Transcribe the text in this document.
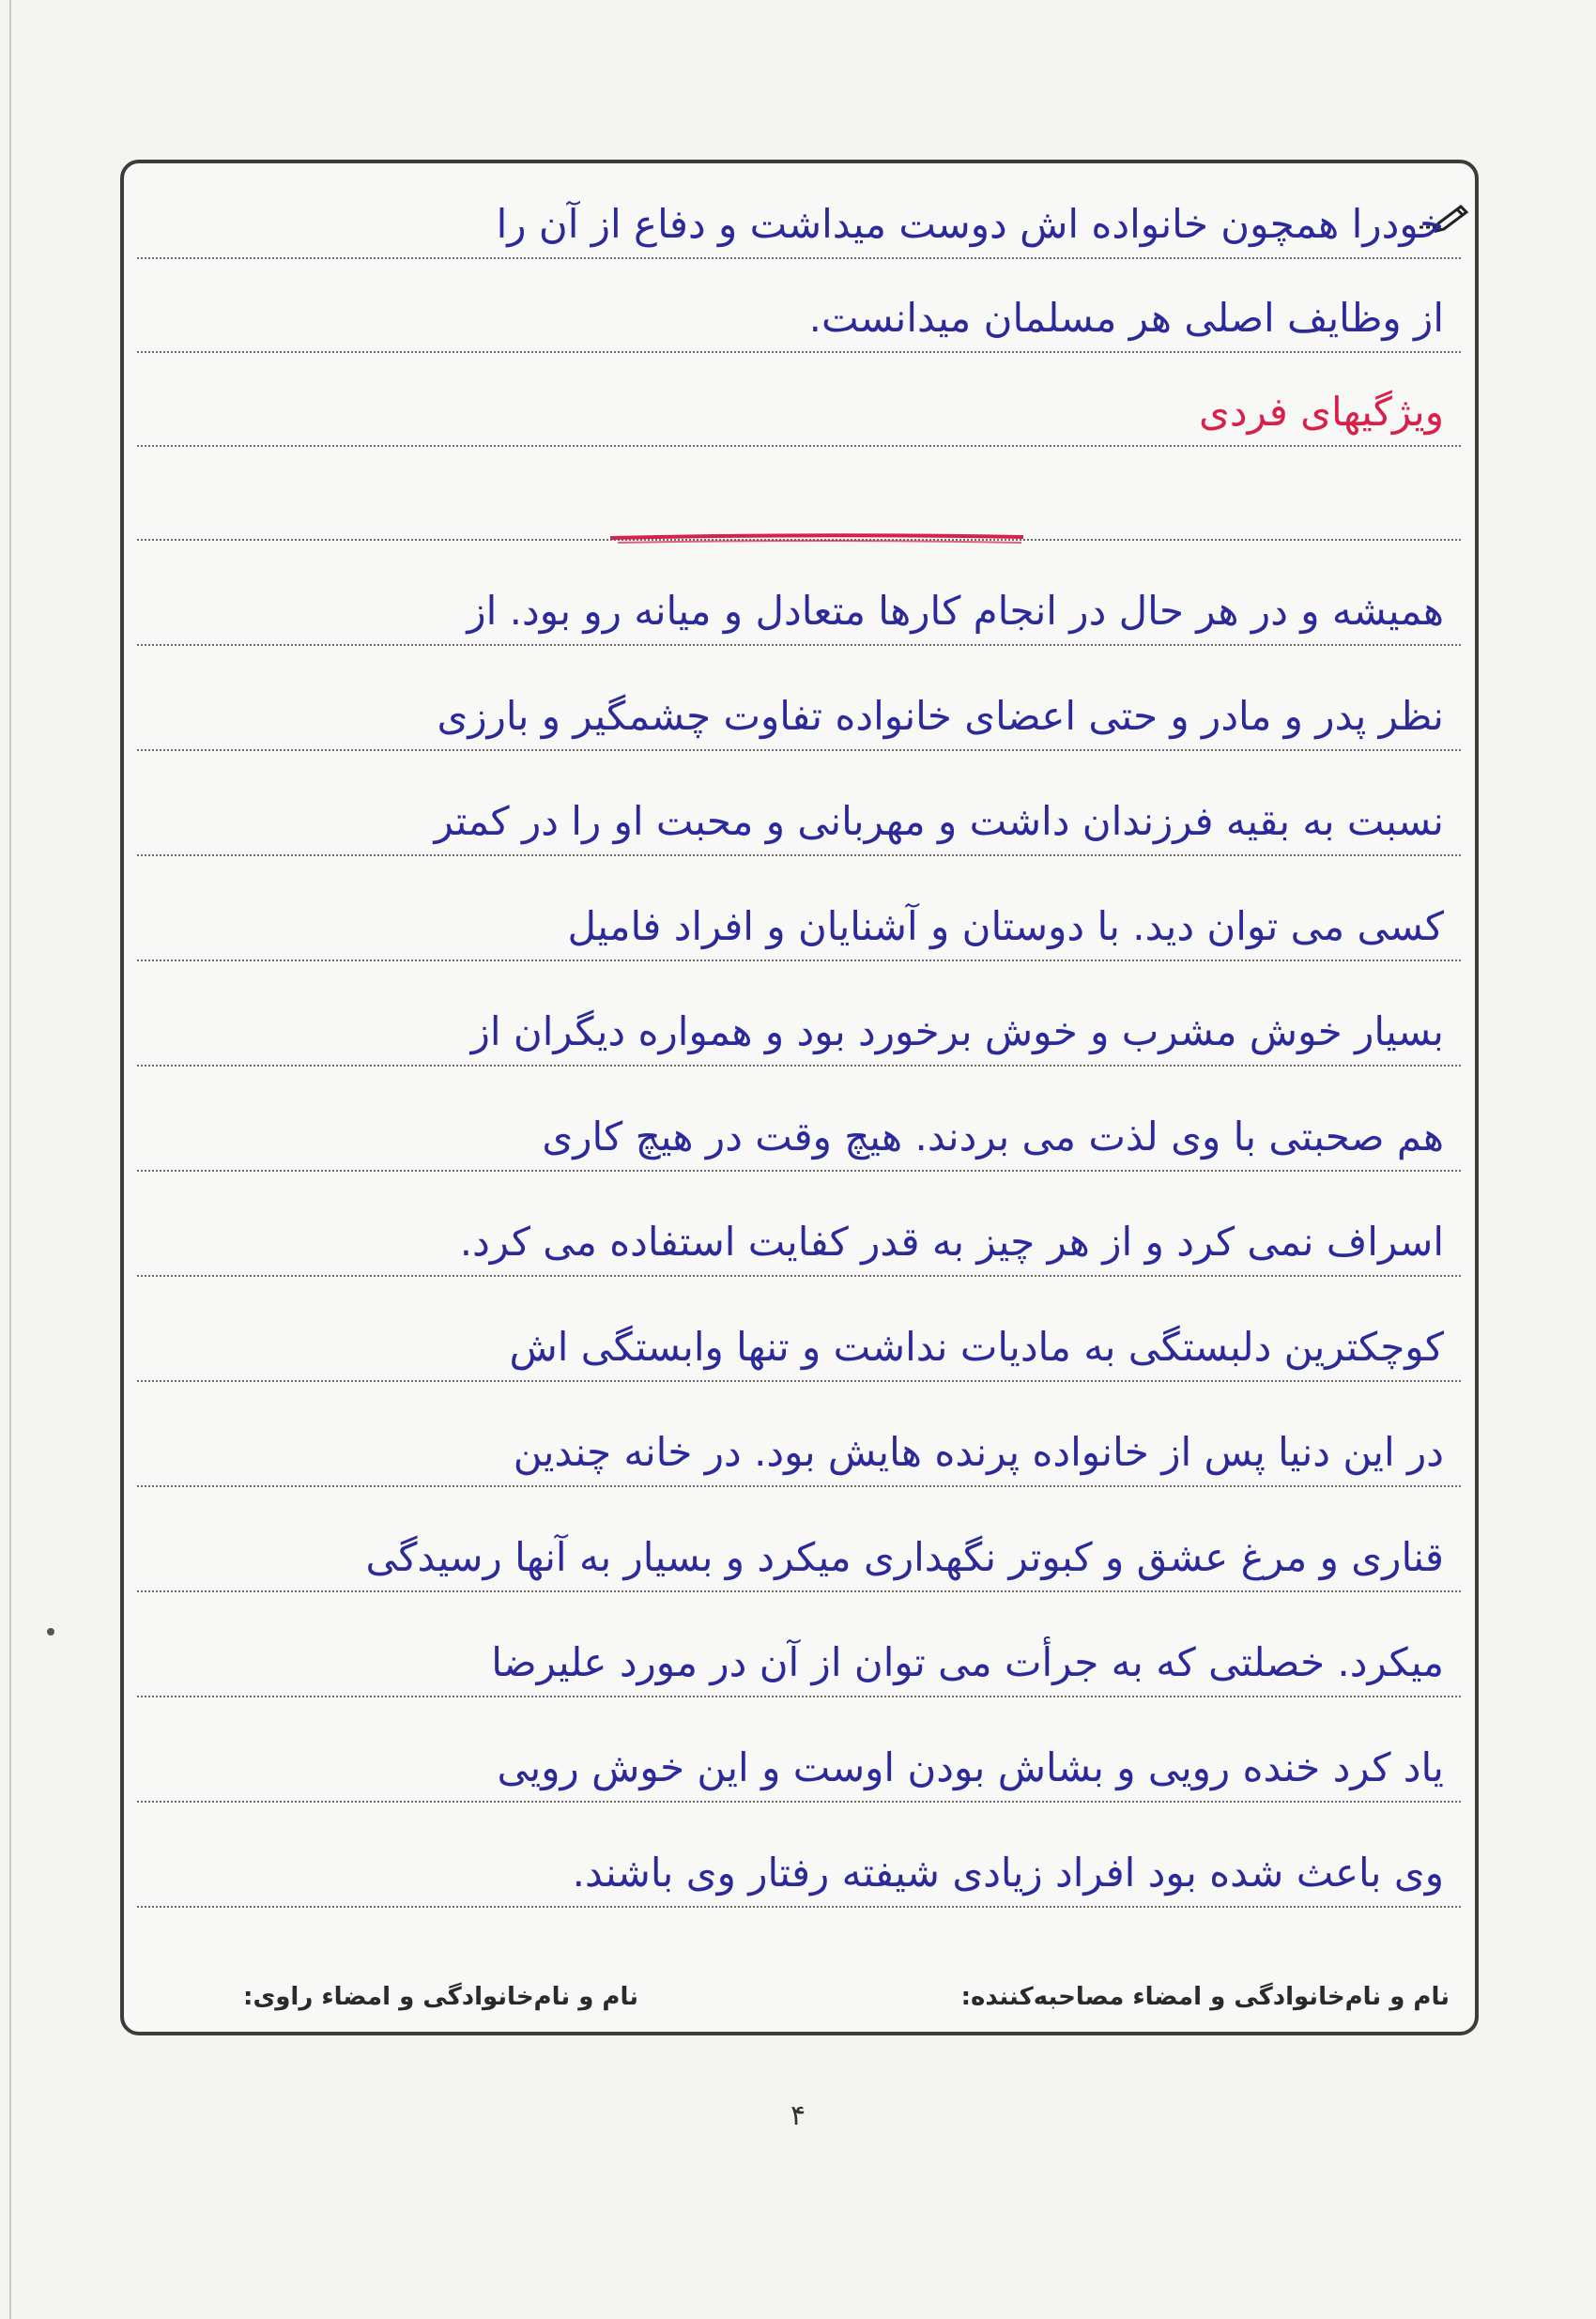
خودرا همچون خانواده اش دوست میداشت و دفاع از آن را
از وظایف اصلی هر مسلمان میدانست.
ویژگیهای فردی
همیشه و در هر حال در انجام کارها متعادل و میانه رو بود. از
نظر پدر و مادر و حتی اعضای خانواده تفاوت چشمگیر و بارزی
نسبت به بقیه فرزندان داشت و مهربانی و محبت او را در کمتر
کسی می توان دید. با دوستان و آشنایان و افراد فامیل
بسیار خوش مشرب و خوش برخورد بود و همواره دیگران از
هم صحبتی با وی لذت می بردند. هیچ وقت در هیچ کاری
اسراف نمی کرد و از هر چیز به قدر کفایت استفاده می کرد.
کوچکترین دلبستگی به مادیات نداشت و تنها وابستگی اش
در این دنیا پس از خانواده پرنده هایش بود. در خانه چندین
قناری و مرغ عشق و کبوتر نگهداری میکرد و بسیار به آنها رسیدگی
میکرد. خصلتی که به جرأت می توان از آن در مورد علیرضا
یاد کرد خنده رویی و بشاش بودن اوست و این خوش رویی
وی باعث شده بود افراد زیادی شیفته رفتار وی باشند.
نام و نام‌خانوادگی و امضاء مصاحبه‌کننده:
نام و نام‌خانوادگی و امضاء راوی:
۴
